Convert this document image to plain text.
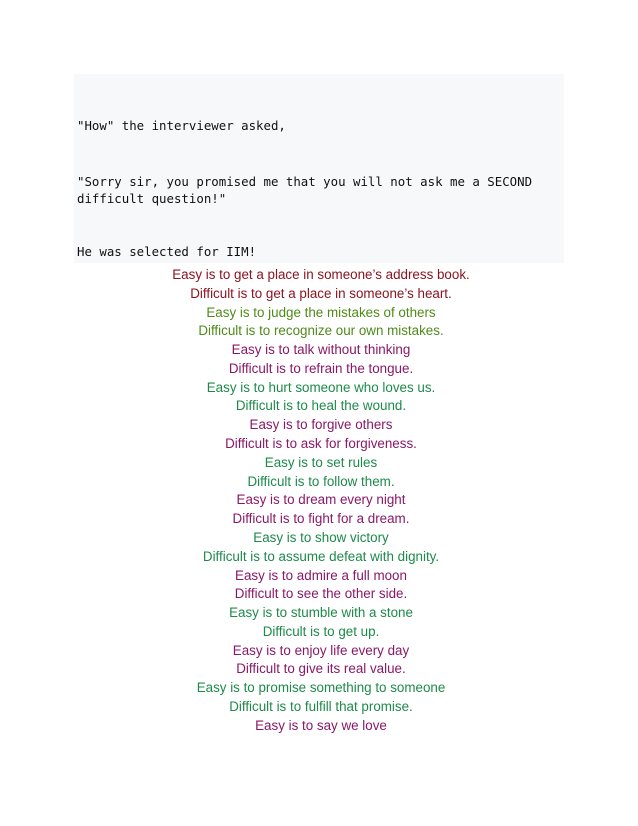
"How" the interviewer asked,
"Sorry sir, you promised me that you will not ask me a SECOND
difficult question!"
He was selected for IIM!
Easy is to get a place in someone’s address book.
Difficult is to get a place in someone’s heart.
Easy is to judge the mistakes of others
Difficult is to recognize our own mistakes.
Easy is to talk without thinking
Difficult is to refrain the tongue.
Easy is to hurt someone who loves us.
Difficult is to heal the wound.
Easy is to forgive others
Difficult is to ask for forgiveness.
Easy is to set rules
Difficult is to follow them.
Easy is to dream every night
Difficult is to fight for a dream.
Easy is to show victory
Difficult is to assume defeat with dignity.
Easy is to admire a full moon
Difficult to see the other side.
Easy is to stumble with a stone
Difficult is to get up.
Easy is to enjoy life every day
Difficult to give its real value.
Easy is to promise something to someone
Difficult is to fulfill that promise.
Easy is to say we love
